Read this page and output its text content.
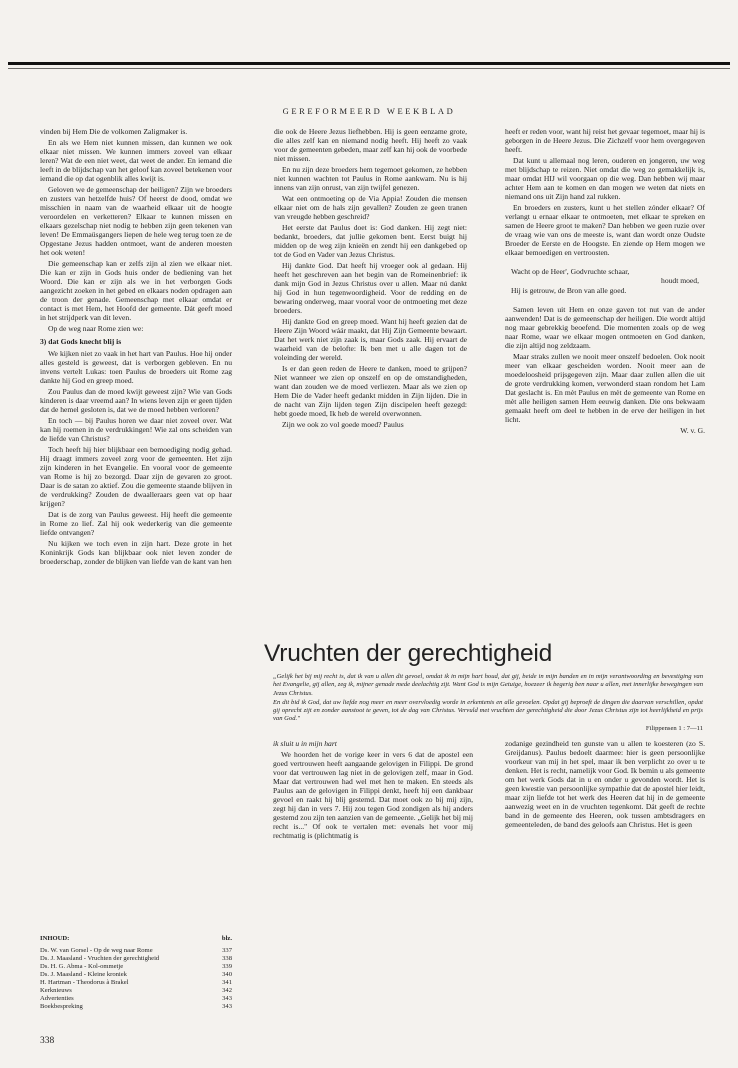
GEREFORMEERD WEEKBLAD

vinden bij Hem Die de volkomen Zaligmaker is.

En als we Hem niet kunnen missen, dan kunnen we ook elkaar niet missen. We kunnen immers zoveel van elkaar leren? Wat de een niet weet, dat weet de ander. En iemand die leeft in de blijdschap van het geloof kan zoveel betekenen voor iemand die op dat ogenblik alles kwijt is.

Geloven we de gemeenschap der heiligen? Zijn we broeders en zusters van hetzelfde huis? Of heerst de dood, omdat we misschien in naam van de waarheid elkaar uit de hoogte veroordelen en verketteren? Elkaar te kunnen missen en elkaars gezelschap niet nodig te hebben zijn geen tekenen van leven! De Emmaüsgangers liepen de hele weg terug toen ze de Opgestane Jezus hadden ontmoet, want de anderen moesten het ook weten!

Die gemeenschap kan er zelfs zijn al zien we elkaar niet. Die kan er zijn in Gods huis onder de bediening van het Woord. Die kan er zijn als we in het verborgen Gods aangezicht zoeken in het gebed en elkaars noden opdragen aan de troon der genade. Gemeenschap met elkaar omdat er contact is met Hem, het Hoofd der gemeente. Dát geeft moed in het strijdperk van dit leven.

Op de weg naar Rome zien we:

3) dat Gods knecht blij is

We kijken niet zo vaak in het hart van Paulus. Hoe hij onder alles gesteld is geweest, dat is verborgen gebleven. En nu invens vertelt Lukas: toen Paulus de broeders uit Rome zag dankte hij God en greep moed.

Zou Paulus dan de moed kwijt geweest zijn? Wie van Gods kinderen is daar vreemd aan? In wiens leven zijn er geen tijden dat de hemel gesloten is, dat we de moed hebben verloren?

En toch — bij Paulus horen we daar niet zoveel over. Wat kan hij roemen in de verdrukkingen! Wie zal ons scheiden van de liefde van Christus?

Toch heeft hij hier blijkbaar een bemoediging nodig gehad. Hij draagt immers zoveel zorg voor de gemeenten. Het zijn zijn kinderen in het Evangelie. En vooral voor de gemeente van Rome is hij zo bezorgd. Daar zijn de gevaren zo groot. Daar is de satan zo aktief. Zou die gemeente staande blijven in de verdrukking? Zouden de dwaalleraars geen vat op haar krijgen?

Dat is de zorg van Paulus geweest. Hij heeft die gemeente in Rome zo lief. Zal hij ook wederkerig van die gemeente liefde ontvangen?

Nu kijken we toch even in zijn hart. Deze grote in het Koninkrijk Gods kan blijkbaar ook niet leven zonder de broederschap, zonder de blijken van liefde van de kant van hen

die ook de Heere Jezus liefhebben. Hij is geen eenzame grote, die alles zelf kan en niemand nodig heeft. Hij heeft zo vaak voor de gemeenten gebeden, maar zelf kan hij ook de voorbede niet missen.

En nu zijn deze broeders hem tegemoet gekomen, ze hebben niet kunnen wachten tot Paulus in Rome aankwam. Nu is hij innens van zijn onrust, van zijn twijfel genezen.

Wat een ontmoeting op de Via Appia! Zouden die mensen elkaar niet om de hals zijn gevallen? Zouden ze geen tranen van vreugde hebben geschreid?

Het eerste dat Paulus doet is: God danken. Hij zegt niet: bedankt, broeders, dat jullie gekomen bent. Eerst buigt hij midden op de weg zijn knieën en zendt hij een dankgebed op tot de God en Vader van Jezus Christus.

Hij dankte God. Dat heeft hij vroeger ook al gedaan. Hij heeft het geschreven aan het begin van de Romeinenbrief: ik dank mijn God in Jezus Christus over u allen. Maar nú dankt hij God in hun tegenwoordigheid. Voor de redding en de bewaring onderweg, maar vooral voor de ontmoeting met deze broeders.

Hij dankte God en greep moed. Want hij heeft gezien dat de Heere Zijn Woord wáár maakt, dat Hij Zijn Gemeente bewaart. Dat het werk niet zijn zaak is, maar Gods zaak. Hij ervaart de waarheid van de belofte: Ik ben met u alle dagen tot de voleinding der wereld.

Is er dan geen reden de Heere te danken, moed te grijpen? Niet wanneer we zien op onszelf en op de omstandigheden, want dan zouden we de moed verliezen. Maar als we zien op Hem Die de Vader heeft gedankt midden in Zijn lijden. Die in de nacht van Zijn lijden tegen Zijn discipelen heeft gezegd: hebt goede moed, Ik heb de wereld overwonnen.

Zijn we ook zo vol goede moed? Paulus

heeft er reden voor, want hij reist het gevaar tegemoet, maar hij is geborgen in de Heere Jezus. Die Zichzelf voor hem overgegeven heeft.

Dat kunt u allemaal nog leren, ouderen en jongeren, uw weg met blijdschap te reizen. Niet omdat die weg zo gemakkelijk is, maar omdat HIJ wil voorgaan op die weg. Dan hebben wij maar achter Hem aan te komen en dan mogen we weten dat niets en niemand ons uit Zijn hand zal rukken.

En broeders en zusters, kunt u het stellen zónder elkaar? Of verlangt u ernaar elkaar te ontmoeten, met elkaar te spreken en samen de Heere groot te maken? Dan hebben we geen ruzie over de vraag wie van ons de meeste is, want dan wordt onze Oudste Broeder de Eerste en de Hoogste. En ziende op Hem mogen we elkaar bemoedigen en vertroosten.

Wacht op de Heer', Godvruchte schaar,
houdt moed,
Hij is getrouw, de Bron van alle goed.

Samen leven uit Hem en onze gaven tot nut van de ander aanwenden! Dat is de gemeenschap der heiligen. Die wordt altijd nog maar gebrekkig beoefend. Die momenten zoals op de weg naar Rome, waar we elkaar mogen ontmoeten en God danken, die zijn altijd nog zeldzaam.

Maar straks zullen we nooit meer onszelf bedoelen. Ook nooit meer van elkaar gescheiden worden. Nooit meer aan de moedeloosheid prijsgegeven zijn. Maar daar zullen allen die uit de grote verdrukking komen, verwonderd staan rondom het Lam Dat geslacht is. En mèt Paulus en mèt de gemeente van Rome en mèt alle heiligen samen Hem eeuwig danken. Die ons bekwaam gemaakt heeft om deel te hebben in de erve der heiligen in het licht.

W. v. G.
Vruchten der gerechtigheid

„Gelijk het bij mij recht is, dat ik van u allen dit gevoel, omdat ik in mijn hart houd, dat gij, beide in mijn banden en in mijn verantwoording en bevestiging van het Evangelie, gij allen, zeg ik, mijner genade mede deelachtig zijt. Want God is mijn Getuige, hoezeer ik begerig ben naar u allen, met innerlijke bewegingen van Jezus Christus.

En dit bid ik God, dat uw liefde nog meer en meer overvloedig worde in erkentenis en alle gevoelen. Opdat gij beproeft de dingen die daarvan verschillen, opdat gij oprecht zijt en zonder aanstoot te geven, tot de dag van Christus. Vervuld met vruchten der gerechtigheid die door Jezus Christus zijn tot heerlijkheid en prijs van God."

Filippensen 1 : 7—11

ik sluit u in mijn hart

We hoorden het de vorige keer in vers 6 dat de apostel een goed vertrouwen heeft aangaande gelovigen in Filippi. De grond voor dat vertrouwen lag niet in de gelovigen zelf, maar in God. Maar dat vertrouwen had wel met hen te maken. En steeds als Paulus aan de gelovigen in Filippi denkt, heeft hij een dankbaar gevoel en raakt hij blij gestemd. Dat moet ook zo bij mij zijn, zegt hij dan in vers 7. Hij zou tegen God zondigen als hij anders gestemd zou zijn ten aanzien van de gemeente. „Gelijk het bij mij recht is..." Of ook te vertalen met: evenals het voor mij rechtmatig is (plichtmatig is

zodanige gezindheid ten gunste van u allen te koesteren (zo S. Greijdanus). Paulus bedoelt daarmee: hier is geen persoonlijke voorkeur van mij in het spel, maar ik ben verplicht zo over u te denken. Het is recht, namelijk voor God. Ik bemin u als gemeente om het werk Gods dat in u en onder u gevonden wordt. Het is geen kwestie van persoonlijke sympathie dat de apostel hier leidt, maar zijn liefde tot het werk des Heeren dat hij in de gemeente aanwezig weet en in de vruchten tegenkomt. Dát geeft de rechte band in de gemeente des Heeren, ook tussen ambtsdragers en gemeenteleden, de band des geloofs aan Christus. Het is geen

INHOUD:	blz.
Ds. W. van Gorsel - Op de weg naar Rome	337
Ds. J. Maasland - Vruchten der gerechtigheid	338
Ds. H. G. Abma - Kol-ommetje	339
Ds. J. Maasland - Kleine kroniek	340
H. Hartman - Theodorus à Brakel	341
Kerknieuws	342
Advertenties	343
Boekbespreking	343
338
